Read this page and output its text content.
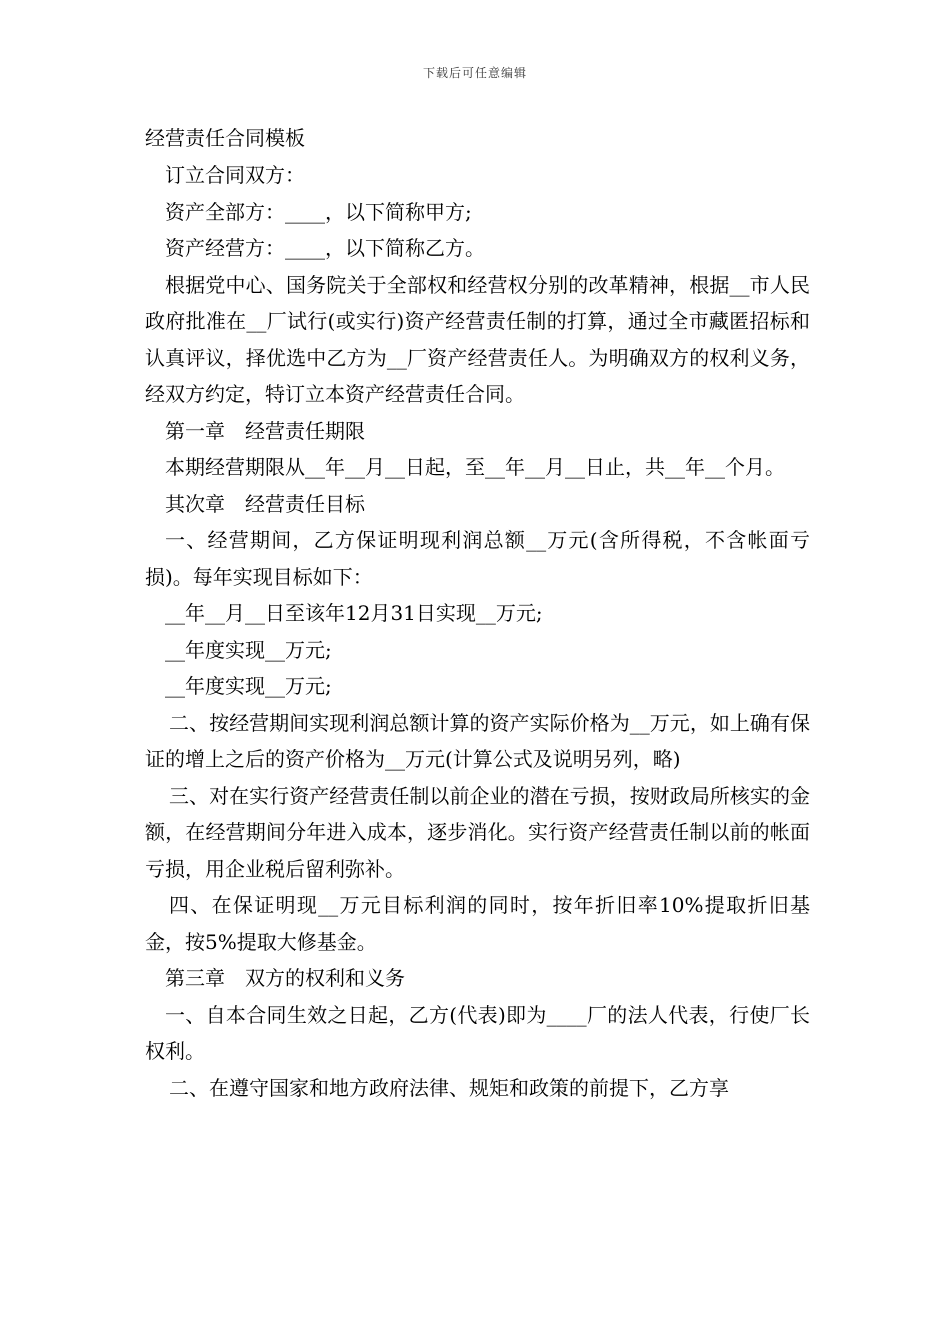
下载后可任意编辑

经营责任合同模板

订立合同双方：

资产全部方：____，以下简称甲方;

资产经营方：____，以下简称乙方。

根据党中心、国务院关于全部权和经营权分别的改革精神，根据__市人民政府批准在__厂试行(或实行)资产经营责任制的打算，通过全市藏匿招标和认真评议，择优选中乙方为__厂资产经营责任人。为明确双方的权利义务，经双方约定，特订立本资产经营责任合同。

第一章　经营责任期限

本期经营期限从__年__月__日起，至__年__月__日止，共__年__个月。

其次章　经营责任目标

一、经营期间，乙方保证明现利润总额__万元(含所得税，不含帐面亏损)。每年实现目标如下：

__年__月__日至该年12月31日实现__万元;

__年度实现__万元;

__年度实现__万元;

二、按经营期间实现利润总额计算的资产实际价格为__万元，如上确有保证的增上之后的资产价格为__万元(计算公式及说明另列，略)

三、对在实行资产经营责任制以前企业的潜在亏损，按财政局所核实的金额，在经营期间分年进入成本，逐步消化。实行资产经营责任制以前的帐面亏损，用企业税后留利弥补。

四、在保证明现__万元目标利润的同时，按年折旧率10%提取折旧基金，按5%提取大修基金。

第三章　双方的权利和义务

一、自本合同生效之日起，乙方(代表)即为____厂的法人代表，行使厂长权利。

二、在遵守国家和地方政府法律、规矩和政策的前提下，乙方享
